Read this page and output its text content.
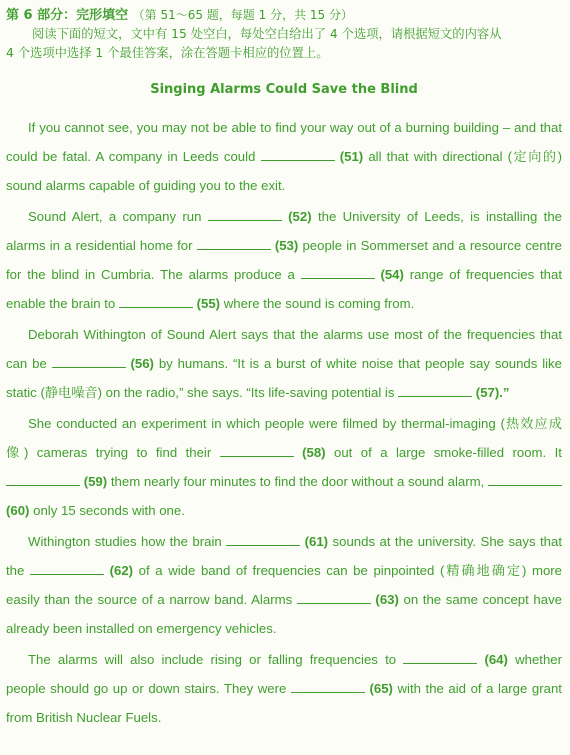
第 6 部分：完形填空 （第 51～65 题，每题 1 分，共 15 分）
阅读下面的短文，文中有 15 处空白，每处空白给出了 4 个选项，请根据短文的内容从
4 个选项中选择 1 个最佳答案，涂在答题卡相应的位置上。
Singing Alarms Could Save the Blind

If you cannot see, you may not be able to find your way out of a burning building – and that could be fatal. A company in Leeds could	(51) all that with directional (定向的) sound alarms capable of guiding you to the exit.

Sound Alert, a company run	(52) the University of Leeds, is installing the alarms in a residential home for	(53) people in Sommerset and a resource centre for the blind in Cumbria. The alarms produce a	(54) range of frequencies that enable the brain to	(55) where the sound is coming from.

Deborah Withington of Sound Alert says that the alarms use most of the frequencies that can be	(56) by humans. “It is a burst of white noise that people say sounds like static (静电噪音) on the radio,” she says. “Its life-saving potential is	(57).”

She conducted an experiment in which people were filmed by thermal-imaging (热效应成像) cameras trying to find their	(58) out of a large smoke-filled room. It  (59) them nearly four minutes to find the door without a sound alarm,  (60) only 15 seconds with one.

Withington studies how the brain	(61) sounds at the university. She says that the	(62) of a wide band of frequencies can be pinpointed (精确地确定) more easily than the source of a narrow band. Alarms	(63) on the same concept have already been installed on emergency vehicles.

The alarms will also include rising or falling frequencies to	(64) whether people should go up or down stairs. They were	(65) with the aid of a large grant from British Nuclear Fuels.
